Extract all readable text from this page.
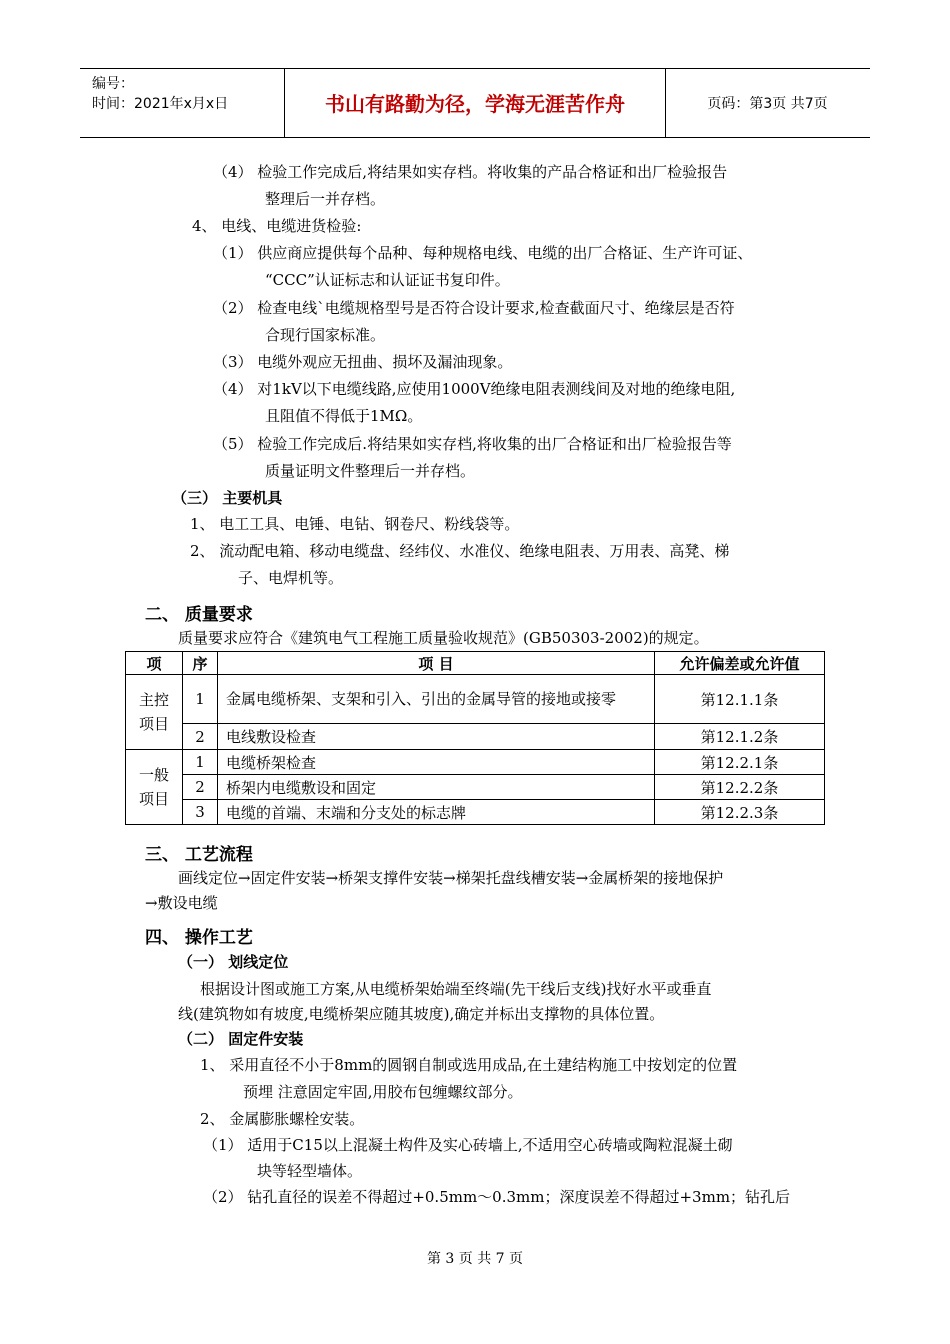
编号：
时间：2021年x月x日	书山有路勤为径，学海无涯苦作舟	页码：第3页 共7页
（4） 检验工作完成后,将结果如实存档。将收集的产品合格证和出厂检验报告
整理后一并存档。
4、 电线、电缆进货检验:
（1） 供应商应提供每个品种、每种规格电线、电缆的出厂合格证、生产许可证、
“CCC”认证标志和认证证书复印件。
（2） 检查电线`电缆规格型号是否符合设计要求,检查截面尺寸、绝缘层是否符
合现行国家标准。
（3） 电缆外观应无扭曲、损坏及漏油现象。
（4） 对1kV以下电缆线路,应使用1000V绝缘电阻表测线间及对地的绝缘电阻,
且阻值不得低于1MΩ。
（5） 检验工作完成后.将结果如实存档,将收集的出厂合格证和出厂检验报告等
质量证明文件整理后一并存档。
（三） 主要机具
1、 电工工具、电锤、电钻、钢卷尺、粉线袋等。
2、 流动配电箱、移动电缆盘、经纬仪、水准仪、绝缘电阻表、万用表、高凳、梯
子、电焊机等。
二、 质量要求
质量要求应符合《建筑电气工程施工质量验收规范》(GB50303-2002)的规定。
项	序	项 目	允许偏差或允许值
主控项目	1	金属电缆桥架、支架和引入、引出的金属导管的接地或接零	第12.1.1条
	2	电线敷设检查	第12.1.2条
一般项目	1	电缆桥架检查	第12.2.1条
	2	桥架内电缆敷设和固定	第12.2.2条
	3	电缆的首端、末端和分支处的标志牌	第12.2.3条
三、 工艺流程
画线定位→固定件安装→桥架支撑件安装→梯架托盘线槽安装→金属桥架的接地保护
→敷设电缆
四、 操作工艺
（一） 划线定位
根据设计图或施工方案,从电缆桥架始端至终端(先干线后支线)找好水平或垂直
线(建筑物如有坡度,电缆桥架应随其坡度),确定并标出支撑物的具体位置。
（二） 固定件安装
1、 采用直径不小于8mm的圆钢自制或选用成品,在土建结构施工中按划定的位置
预埋 注意固定牢固,用胶布包缠螺纹部分。
2、 金属膨胀螺栓安装。
（1） 适用于C15以上混凝土构件及实心砖墙上,不适用空心砖墙或陶粒混凝土砌
块等轻型墙体。
（2） 钻孔直径的误差不得超过+0.5mm～0.3mm；深度误差不得超过+3mm；钻孔后
第 3 页 共 7 页
